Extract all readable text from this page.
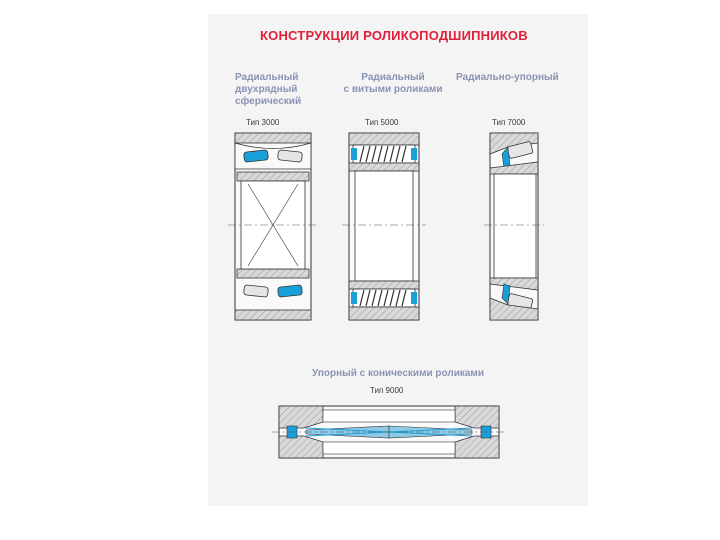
КОНСТРУКЦИИ РОЛИКОПОДШИПНИКОВ
Радиальный
двухрядный
сферический
Радиальный
с витыми роликами
Радиально-упорный
Упорный с коническими роликами
Тип 3000	Тип 5000	Тип 7000
Тип 9000
